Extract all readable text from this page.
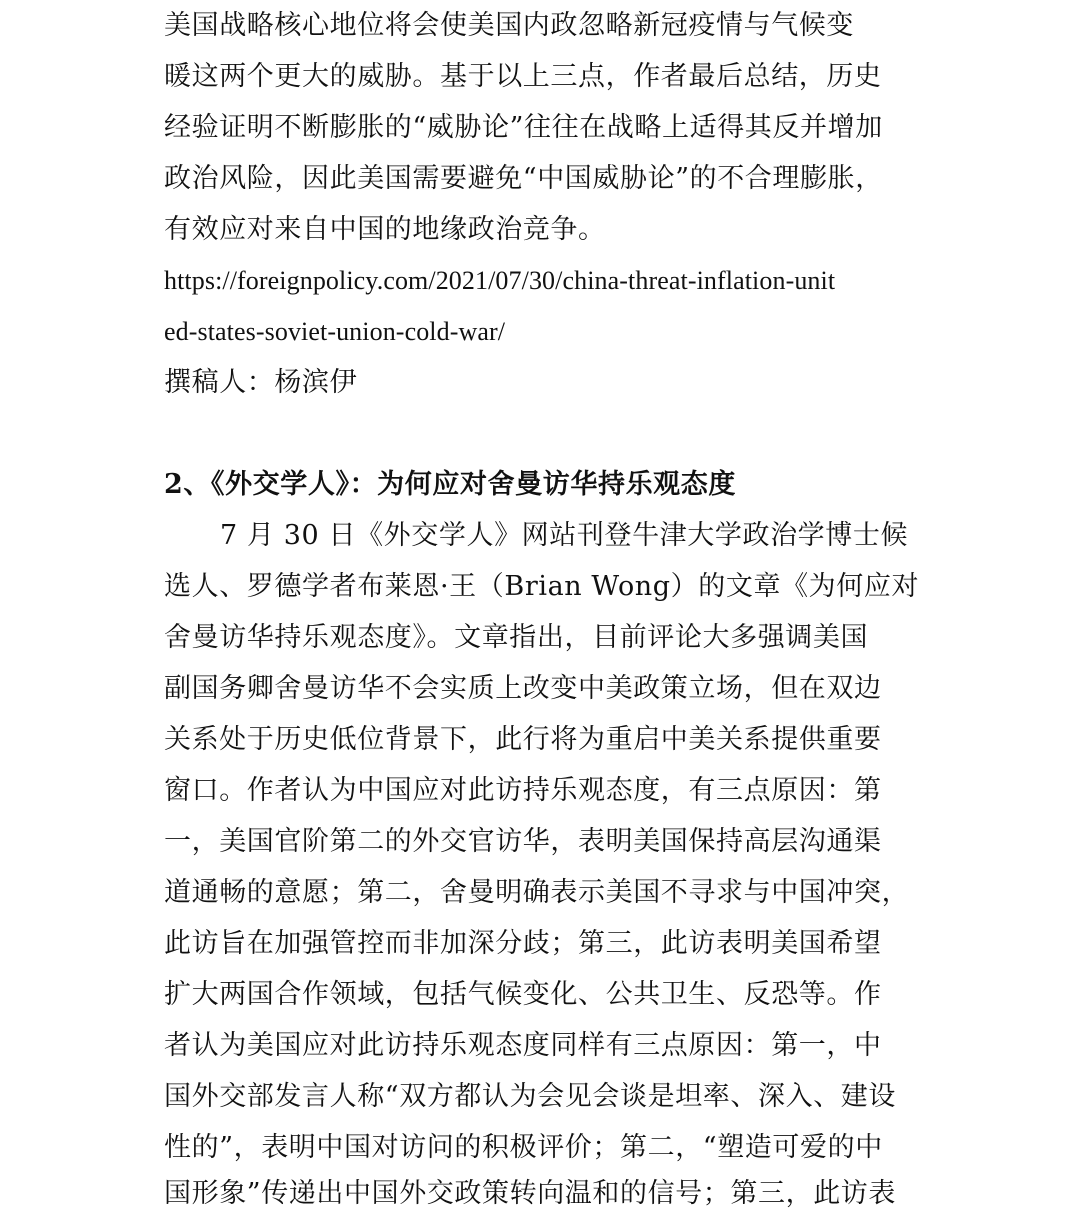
美国战略核心地位将会使美国内政忽略新冠疫情与气候变
暖这两个更大的威胁。基于以上三点，作者最后总结，历史
经验证明不断膨胀的“威胁论”往往在战略上适得其反并增加
政治风险，因此美国需要避免“中国威胁论”的不合理膨胀，
有效应对来自中国的地缘政治竞争。
https://foreignpolicy.com/2021/07/30/china-threat-inflation-unit
ed-states-soviet-union-cold-war/
撰稿人：杨滨伊
2、《外交学人》：为何应对舍曼访华持乐观态度
7 月 30 日《外交学人》网站刊登牛津大学政治学博士候
选人、罗德学者布莱恩·王（Brian Wong）的文章《为何应对
舍曼访华持乐观态度》。文章指出，目前评论大多强调美国
副国务卿舍曼访华不会实质上改变中美政策立场，但在双边
关系处于历史低位背景下，此行将为重启中美关系提供重要
窗口。作者认为中国应对此访持乐观态度，有三点原因：第
一，美国官阶第二的外交官访华，表明美国保持高层沟通渠
道通畅的意愿；第二，舍曼明确表示美国不寻求与中国冲突，
此访旨在加强管控而非加深分歧；第三，此访表明美国希望
扩大两国合作领域，包括气候变化、公共卫生、反恐等。作
者认为美国应对此访持乐观态度同样有三点原因：第一，中
国外交部发言人称“双方都认为会见会谈是坦率、深入、建设
性的”，表明中国对访问的积极评价；第二，“塑造可爱的中
国形象”传递出中国外交政策转向温和的信号；第三，此访表
